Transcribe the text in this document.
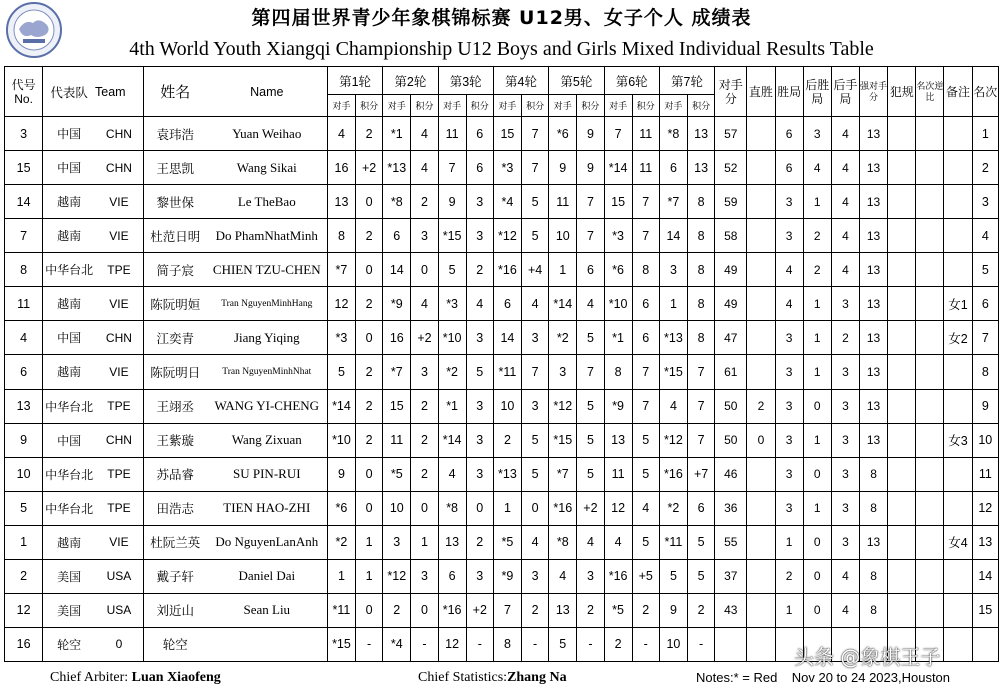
第四届世界青少年象棋锦标赛 U12男、女子个人 成绩表
4th World Youth Xiangqi Championship U12 Boys and Girls Mixed Individual Results Table
代号 No.	代表队	Team	姓名	Name	第1轮		第2轮		第3轮		第4轮		第5轮		第6轮		第7轮		对手分	直胜	胜局	后胜局	后手局	强对手分	犯规	名次逆比	备注	名次
					对手	积分	对手	积分	对手	积分	对手	积分	对手	积分	对手	积分	对手	积分										
3	中国	CHN	袁玮浩	Yuan Weihao	4	2	*1	4	11	6	15	7	*6	9	7	11	*8	13	57		6	3	4	13				1
15	中国	CHN	王思凯	Wang Sikai	16	+2	*13	4	7	6	*3	7	9	9	*14	11	6	13	52		6	4	4	13				2
14	越南	VIE	黎世保	Le TheBao	13	0	*8	2	9	3	*4	5	11	7	15	7	*7	8	59		3	1	4	13				3
7	越南	VIE	杜范日明	Do PhamNhatMinh	8	2	6	3	*15	3	*12	5	10	7	*3	7	14	8	58		3	2	4	13				4
8	中华台北	TPE	简子宸	CHIEN TZU-CHEN	*7	0	14	0	5	2	*16	+4	1	6	*6	8	3	8	49		4	2	4	13				5
11	越南	VIE	陈阮明姮	Tran NguyenMinhHang	12	2	*9	4	*3	4	6	4	*14	4	*10	6	1	8	49		4	1	3	13			女1	6
4	中国	CHN	江奕青	Jiang Yiqing	*3	0	16	+2	*10	3	14	3	*2	5	*1	6	*13	8	47		3	1	2	13			女2	7
6	越南	VIE	陈阮明日	Tran NguyenMinhNhat	5	2	*7	3	*2	5	*11	7	3	7	8	7	*15	7	61		3	1	3	13				8
13	中华台北	TPE	王翊丞	WANG YI-CHENG	*14	2	15	2	*1	3	10	3	*12	5	*9	7	4	7	50	2	3	0	3	13				9
9	中国	CHN	王紫璇	Wang Zixuan	*10	2	11	2	*14	3	2	5	*15	5	13	5	*12	7	50	0	3	1	3	13			女3	10
10	中华台北	TPE	苏品睿	SU PIN-RUI	9	0	*5	2	4	3	*13	5	*7	5	11	5	*16	+7	46		3	0	3	8				11
5	中华台北	TPE	田浩志	TIEN HAO-ZHI	*6	0	10	0	*8	0	1	0	*16	+2	12	4	*2	6	36		3	1	3	8				12
1	越南	VIE	杜阮兰英	Do NguyenLanAnh	*2	1	3	1	13	2	*5	4	*8	4	4	5	*11	5	55		1	0	3	13			女4	13
2	美国	USA	戴子轩	Daniel Dai	1	1	*12	3	6	3	*9	3	4	3	*16	+5	5	5	37		2	0	4	8				14
12	美国	USA	刘近山	Sean Liu	*11	0	2	0	*16	+2	7	2	13	2	*5	2	9	2	43		1	0	4	8				15
16	轮空	0	轮空		*15	-	*4	-	12	-	8	-	5	-	2	-	10	-										
Chief Arbiter: Luan Xiaofeng	Chief Statistics:Zhang Na	Notes:* = Red    Nov 20 to 24 2023,Houston
头条 @象棋王子
